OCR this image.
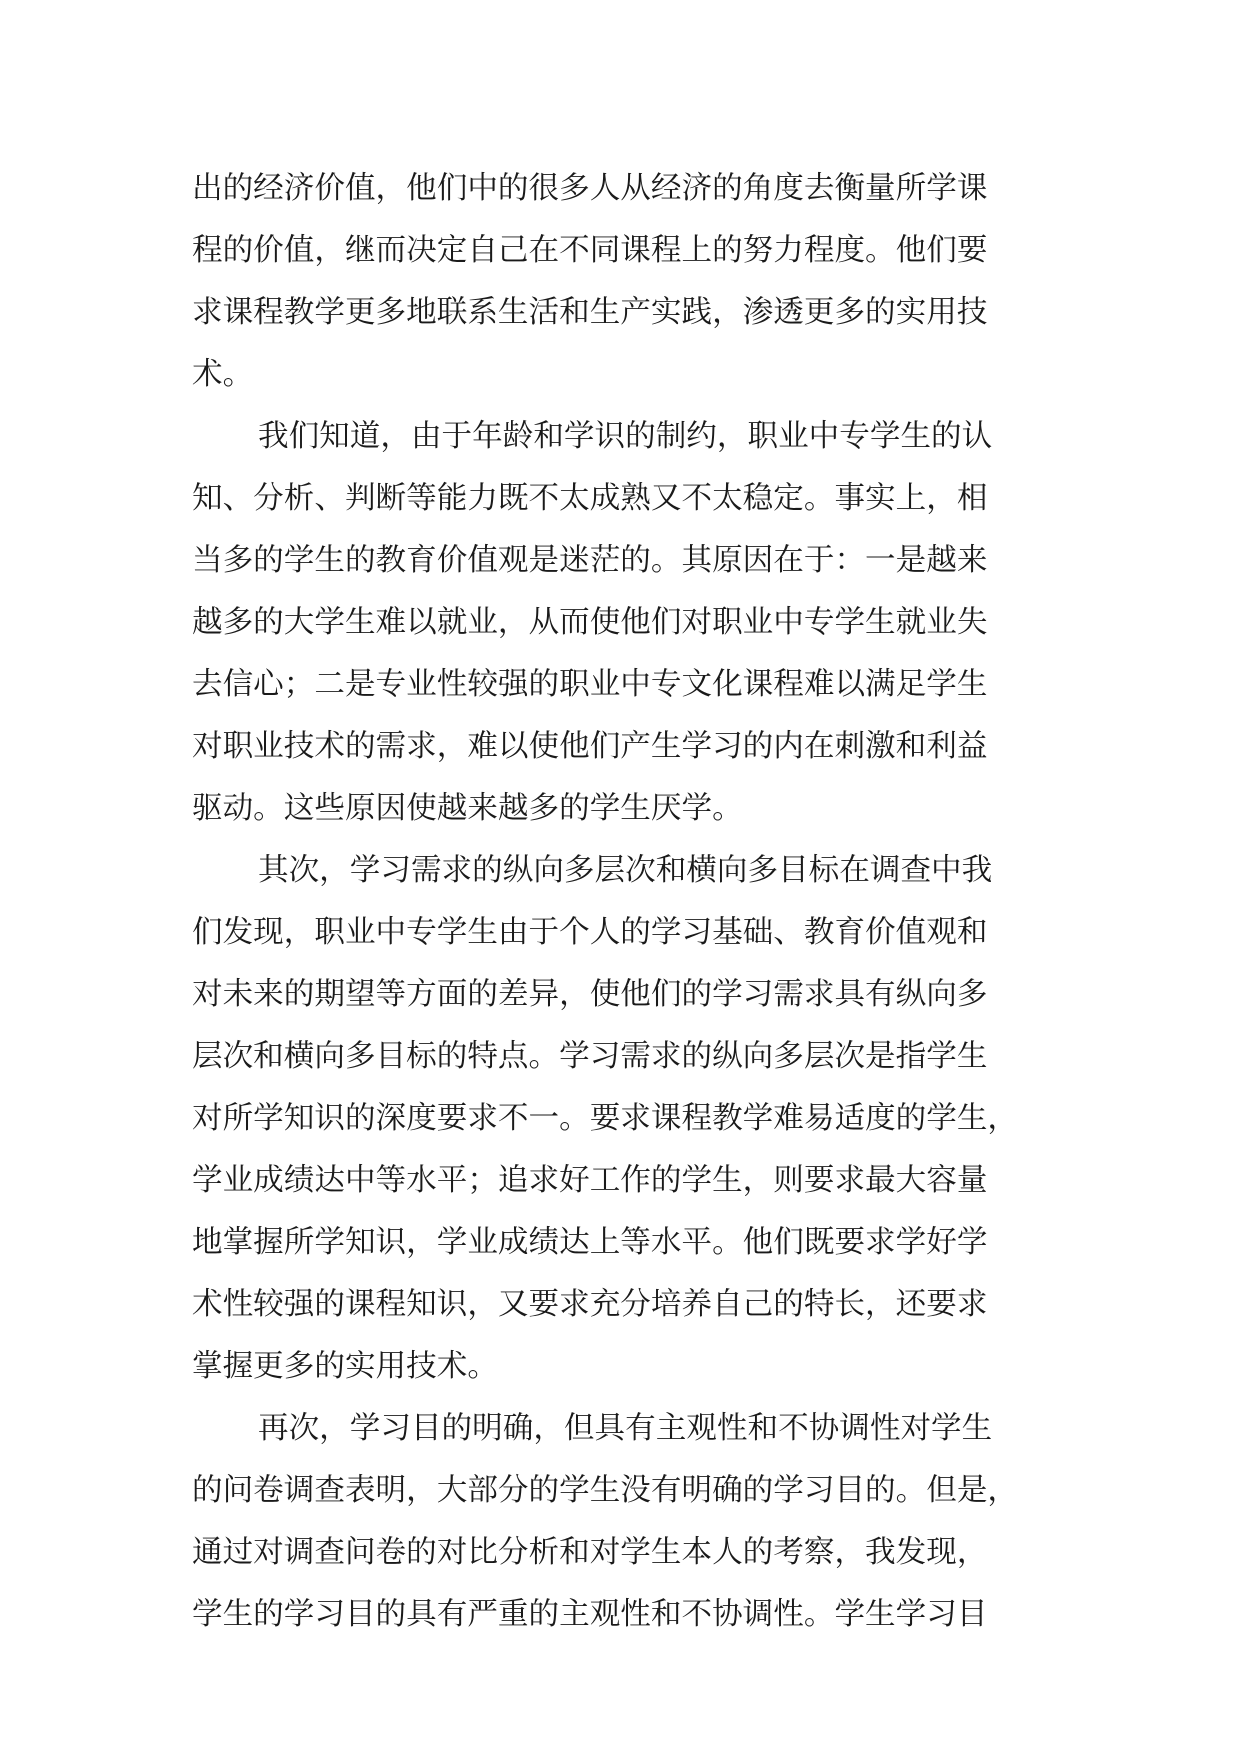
出的经济价值，他们中的很多人从经济的角度去衡量所学课
程的价值，继而决定自己在不同课程上的努力程度。他们要
求课程教学更多地联系生活和生产实践，渗透更多的实用技
术。
我们知道，由于年龄和学识的制约，职业中专学生的认
知、分析、判断等能力既不太成熟又不太稳定。事实上，相
当多的学生的教育价值观是迷茫的。其原因在于：一是越来
越多的大学生难以就业，从而使他们对职业中专学生就业失
去信心；二是专业性较强的职业中专文化课程难以满足学生
对职业技术的需求，难以使他们产生学习的内在刺激和利益
驱动。这些原因使越来越多的学生厌学。
其次，学习需求的纵向多层次和横向多目标在调查中我
们发现，职业中专学生由于个人的学习基础、教育价值观和
对未来的期望等方面的差异，使他们的学习需求具有纵向多
层次和横向多目标的特点。学习需求的纵向多层次是指学生
对所学知识的深度要求不一。要求课程教学难易适度的学生，
学业成绩达中等水平；追求好工作的学生，则要求最大容量
地掌握所学知识，学业成绩达上等水平。他们既要求学好学
术性较强的课程知识，又要求充分培养自己的特长，还要求
掌握更多的实用技术。
再次，学习目的明确，但具有主观性和不协调性对学生
的问卷调查表明，大部分的学生没有明确的学习目的。但是，
通过对调查问卷的对比分析和对学生本人的考察，我发现，
学生的学习目的具有严重的主观性和不协调性。学生学习目
